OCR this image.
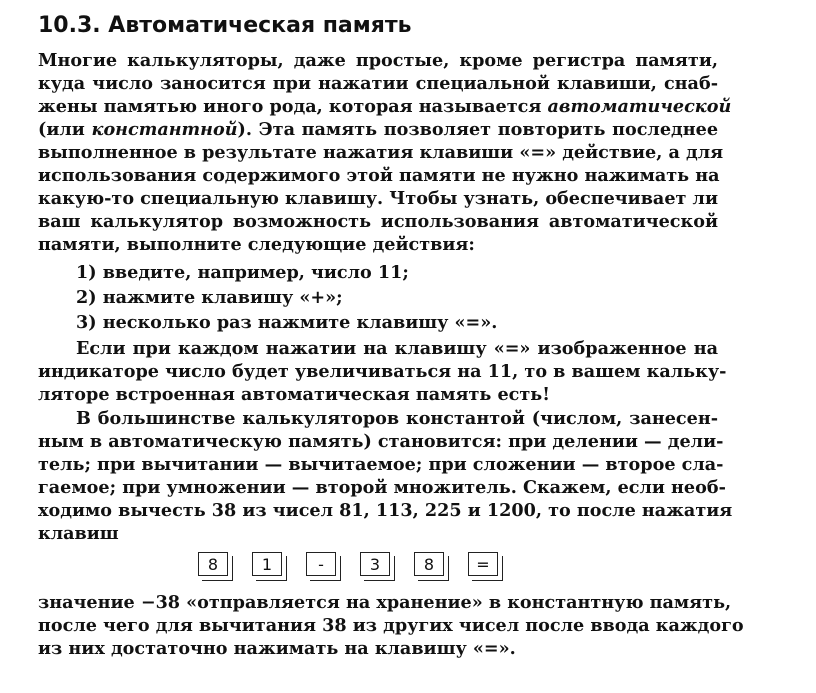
10.3. Автоматическая память
Многие калькуляторы, даже простые, кроме регистра памяти,
куда число заносится при нажатии специальной клавиши, снаб-
жены памятью иного рода, которая называется автоматической
(или константной). Эта память позволяет повторить последнее
выполненное в результате нажатия клавиши «=» действие, а для
использования содержимого этой памяти не нужно нажимать на
какую-то специальную клавишу. Чтобы узнать, обеспечивает ли
ваш калькулятор возможность использования автоматической
памяти, выполните следующие действия:
1) введите, например, число 11;
2) нажмите клавишу «+»;
3) несколько раз нажмите клавишу «=».
Если при каждом нажатии на клавишу «=» изображенное на
индикаторе число будет увеличиваться на 11, то в вашем кальку-
ляторе встроенная автоматическая память есть!
В большинстве калькуляторов константой (числом, занесен-
ным в автоматическую память) становится: при делении — дели-
тель; при вычитании — вычитаемое; при сложении — второе сла-
гаемое; при умножении — второй множитель. Скажем, если необ-
ходимо вычесть 38 из чисел 81, 113, 225 и 1200, то после нажатия
клавиш
8	1	-	3	8	=
значение −38 «отправляется на хранение» в константную память,
после чего для вычитания 38 из других чисел после ввода каждого
из них достаточно нажимать на клавишу «=».
